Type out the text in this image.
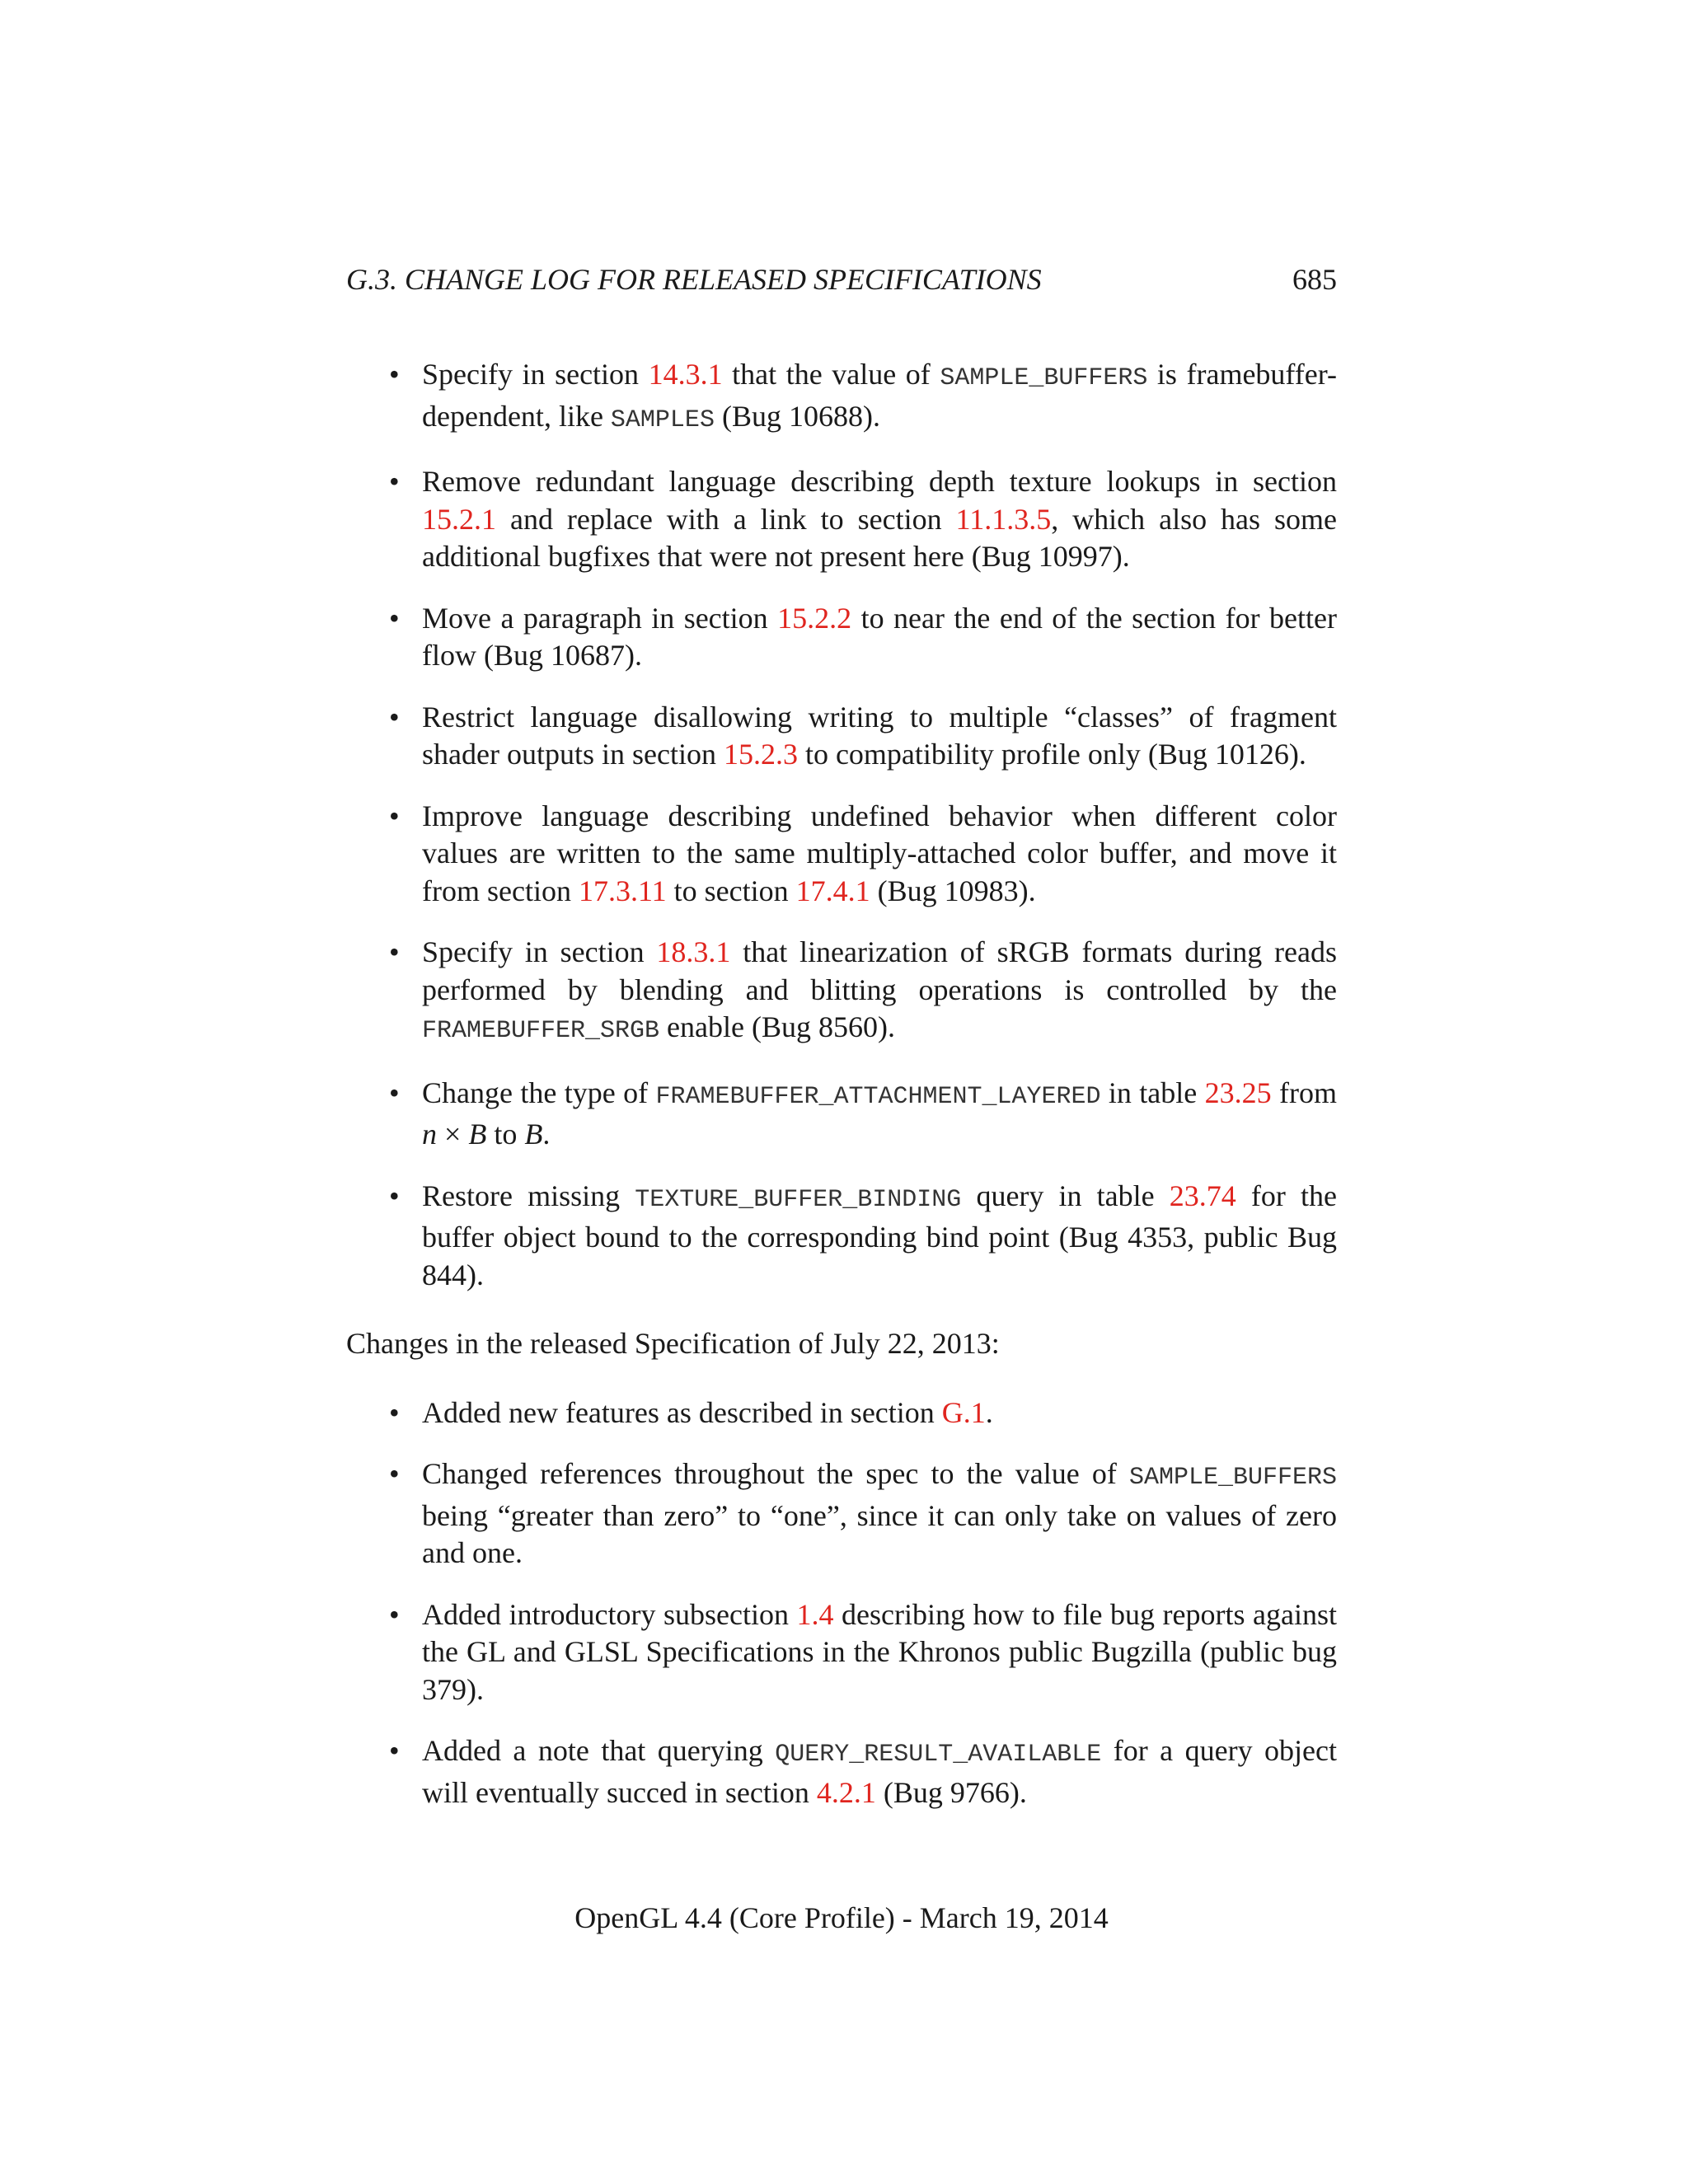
G.3. CHANGE LOG FOR RELEASED SPECIFICATIONS	685
• Specify in section 14.3.1 that the value of SAMPLE_BUFFERS is framebuffer-dependent, like SAMPLES (Bug 10688).
• Remove redundant language describing depth texture lookups in section 15.2.1 and replace with a link to section 11.1.3.5, which also has some additional bugfixes that were not present here (Bug 10997).
• Move a paragraph in section 15.2.2 to near the end of the section for better flow (Bug 10687).
• Restrict language disallowing writing to multiple “classes” of fragment shader outputs in section 15.2.3 to compatibility profile only (Bug 10126).
• Improve language describing undefined behavior when different color values are written to the same multiply-attached color buffer, and move it from section 17.3.11 to section 17.4.1 (Bug 10983).
• Specify in section 18.3.1 that linearization of sRGB formats during reads performed by blending and blitting operations is controlled by the FRAMEBUFFER_SRGB enable (Bug 8560).
• Change the type of FRAMEBUFFER_ATTACHMENT_LAYERED in table 23.25 from n × B to B.
• Restore missing TEXTURE_BUFFER_BINDING query in table 23.74 for the buffer object bound to the corresponding bind point (Bug 4353, public Bug 844).

Changes in the released Specification of July 22, 2013:

• Added new features as described in section G.1.
• Changed references throughout the spec to the value of SAMPLE_BUFFERS being “greater than zero” to “one”, since it can only take on values of zero and one.
• Added introductory subsection 1.4 describing how to file bug reports against the GL and GLSL Specifications in the Khronos public Bugzilla (public bug 379).
• Added a note that querying QUERY_RESULT_AVAILABLE for a query object will eventually succed in section 4.2.1 (Bug 9766).
OpenGL 4.4 (Core Profile) - March 19, 2014
